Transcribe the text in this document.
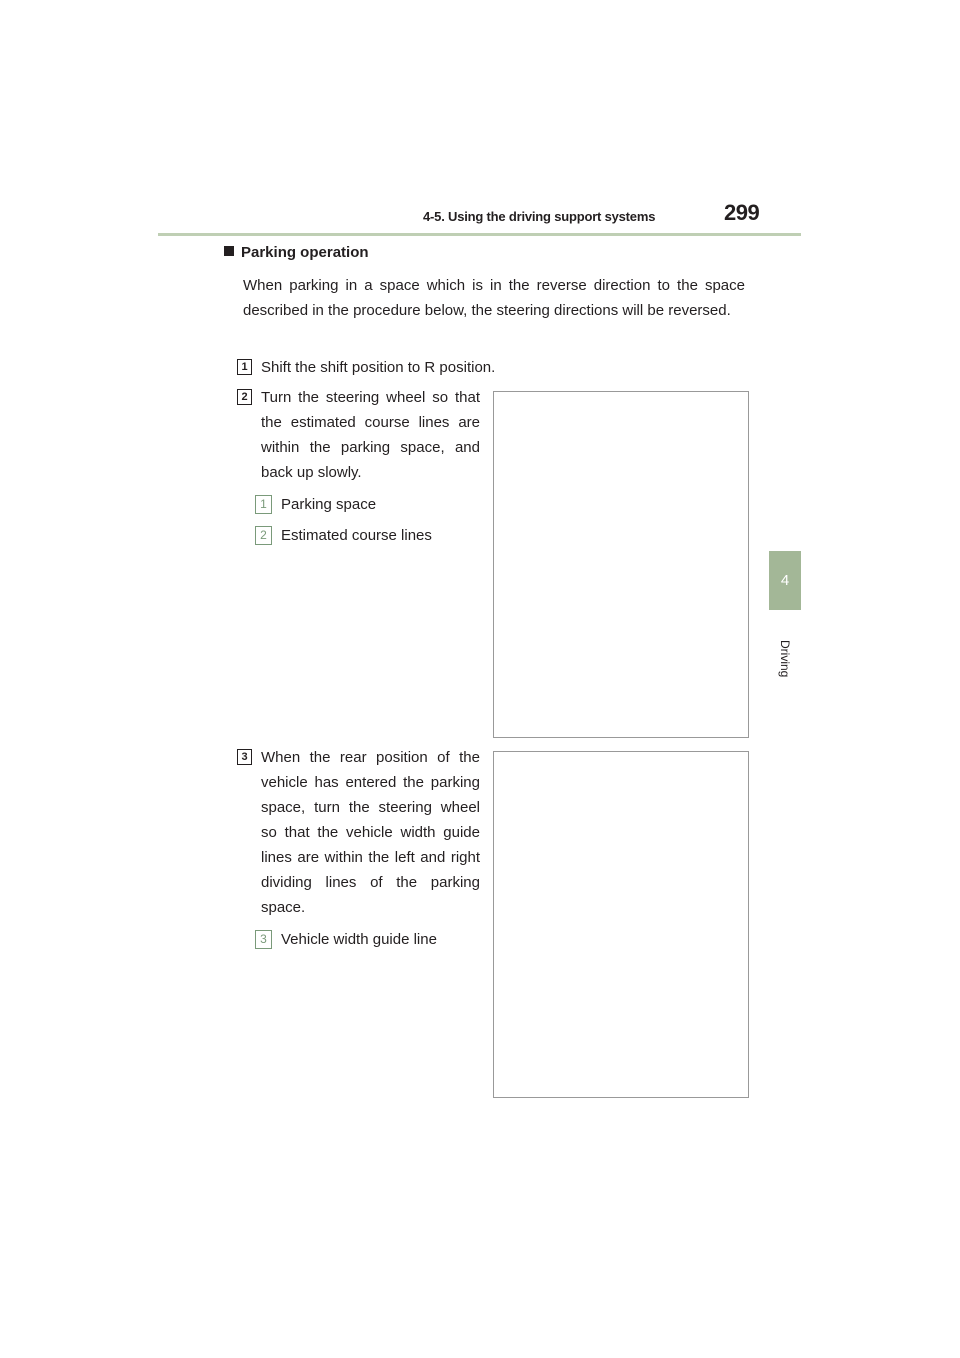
4-5. Using the driving support systems	299
4
Driving
Parking operation
When parking in a space which is in the reverse direction to the space described in the procedure below, the steering directions will be reversed.
1 Shift the shift position to R position.
2 Turn the steering wheel so that the estimated course lines are within the parking space, and back up slowly.
1 Parking space
2 Estimated course lines
3 When the rear position of the vehicle has entered the parking space, turn the steering wheel so that the vehicle width guide lines are within the left and right dividing lines of the parking space.
3 Vehicle width guide line
